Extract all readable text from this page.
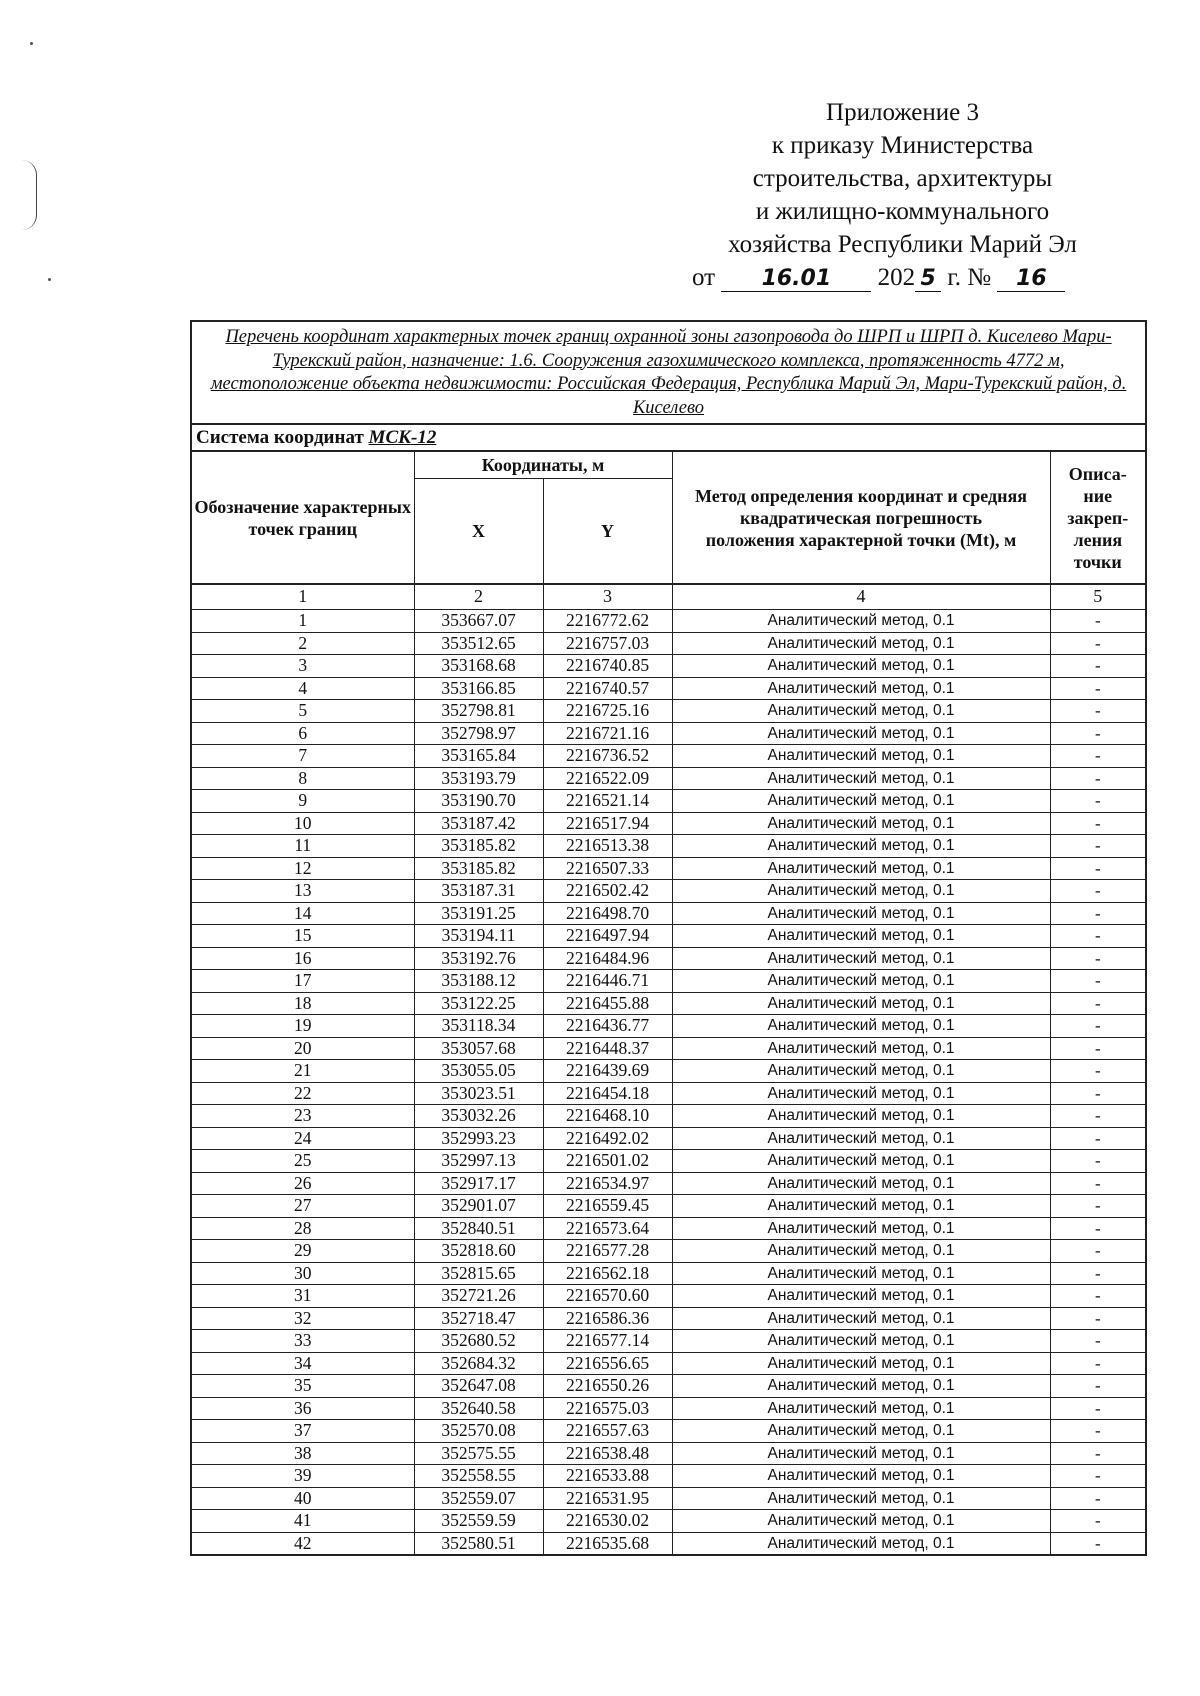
Приложение 3
к приказу Министерства
строительства, архитектуры
и жилищно-коммунального
хозяйства Республики Марий Эл
от 16.01 202 5 г. № 16
Перечень координат характерных точек границ охранной зоны газопровода до ШРП и ШРП д. Киселево Мари-Турекский район, назначение: 1.6. Сооружения газохимического комплекса, протяженность 4772 м, местоположение объекта недвижимости: Российская Федерация, Республика Марий Эл, Мари-Турекский район, д. Киселево				
Система координат МСК-12				
Обозначение характерных точек границ	Координаты, м		Метод определения координат и средняя квадратическая погрешность положения характерной точки (Mt), м	Описа-ние закреп-ления точки
	X	Y		
1	2	3	4	5
1	353667.07	2216772.62	Аналитический метод, 0.1	-
2	353512.65	2216757.03	Аналитический метод, 0.1	-
3	353168.68	2216740.85	Аналитический метод, 0.1	-
4	353166.85	2216740.57	Аналитический метод, 0.1	-
5	352798.81	2216725.16	Аналитический метод, 0.1	-
6	352798.97	2216721.16	Аналитический метод, 0.1	-
7	353165.84	2216736.52	Аналитический метод, 0.1	-
8	353193.79	2216522.09	Аналитический метод, 0.1	-
9	353190.70	2216521.14	Аналитический метод, 0.1	-
10	353187.42	2216517.94	Аналитический метод, 0.1	-
11	353185.82	2216513.38	Аналитический метод, 0.1	-
12	353185.82	2216507.33	Аналитический метод, 0.1	-
13	353187.31	2216502.42	Аналитический метод, 0.1	-
14	353191.25	2216498.70	Аналитический метод, 0.1	-
15	353194.11	2216497.94	Аналитический метод, 0.1	-
16	353192.76	2216484.96	Аналитический метод, 0.1	-
17	353188.12	2216446.71	Аналитический метод, 0.1	-
18	353122.25	2216455.88	Аналитический метод, 0.1	-
19	353118.34	2216436.77	Аналитический метод, 0.1	-
20	353057.68	2216448.37	Аналитический метод, 0.1	-
21	353055.05	2216439.69	Аналитический метод, 0.1	-
22	353023.51	2216454.18	Аналитический метод, 0.1	-
23	353032.26	2216468.10	Аналитический метод, 0.1	-
24	352993.23	2216492.02	Аналитический метод, 0.1	-
25	352997.13	2216501.02	Аналитический метод, 0.1	-
26	352917.17	2216534.97	Аналитический метод, 0.1	-
27	352901.07	2216559.45	Аналитический метод, 0.1	-
28	352840.51	2216573.64	Аналитический метод, 0.1	-
29	352818.60	2216577.28	Аналитический метод, 0.1	-
30	352815.65	2216562.18	Аналитический метод, 0.1	-
31	352721.26	2216570.60	Аналитический метод, 0.1	-
32	352718.47	2216586.36	Аналитический метод, 0.1	-
33	352680.52	2216577.14	Аналитический метод, 0.1	-
34	352684.32	2216556.65	Аналитический метод, 0.1	-
35	352647.08	2216550.26	Аналитический метод, 0.1	-
36	352640.58	2216575.03	Аналитический метод, 0.1	-
37	352570.08	2216557.63	Аналитический метод, 0.1	-
38	352575.55	2216538.48	Аналитический метод, 0.1	-
39	352558.55	2216533.88	Аналитический метод, 0.1	-
40	352559.07	2216531.95	Аналитический метод, 0.1	-
41	352559.59	2216530.02	Аналитический метод, 0.1	-
42	352580.51	2216535.68	Аналитический метод, 0.1	-
